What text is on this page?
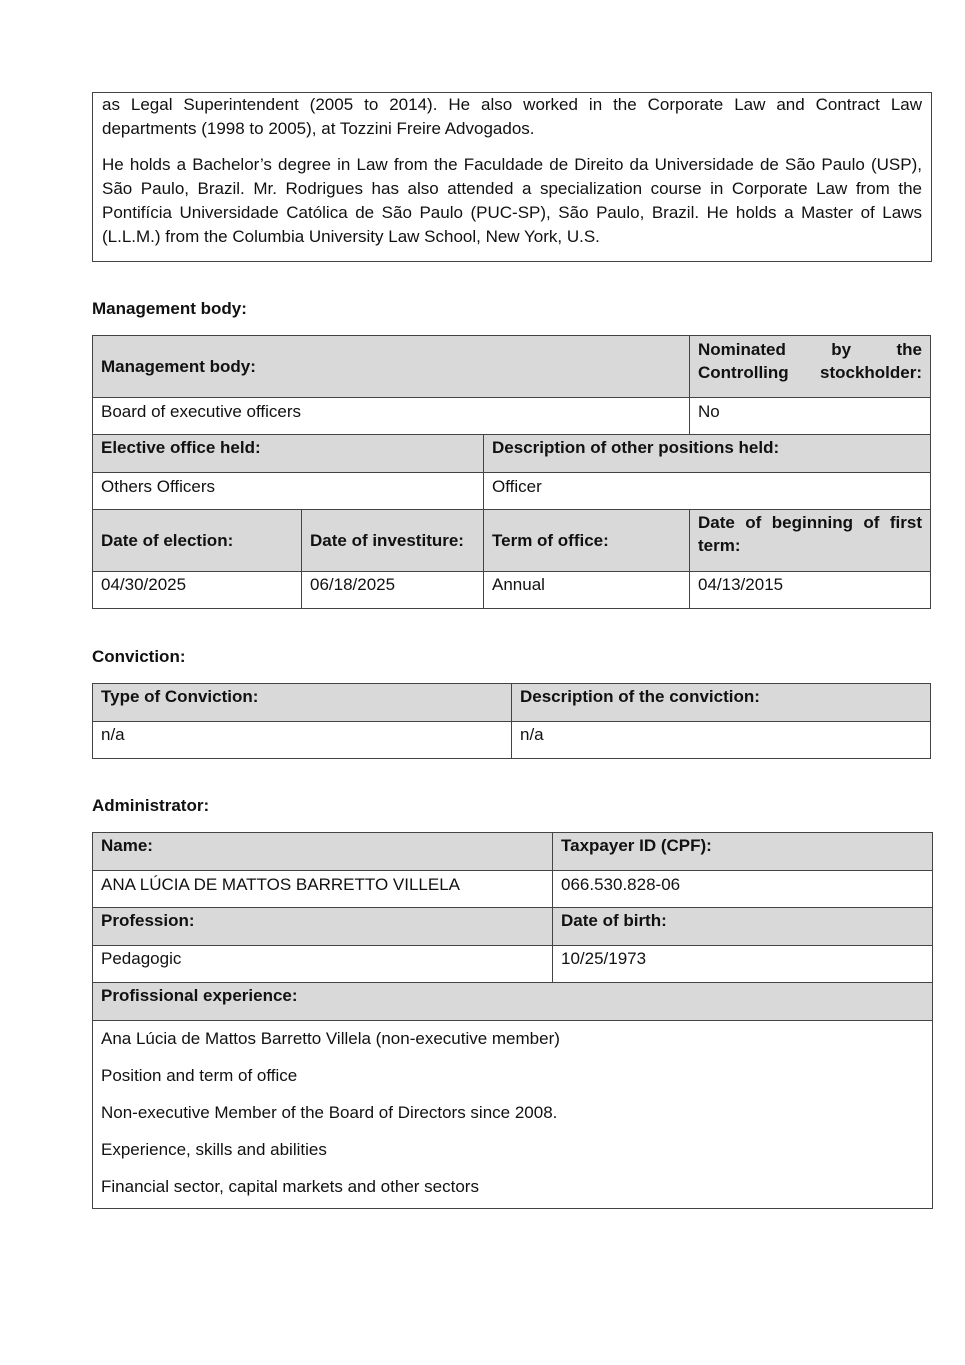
as Legal Superintendent (2005 to 2014). He also worked in the Corporate Law and Contract Law departments (1998 to 2005), at Tozzini Freire Advogados.

He holds a Bachelor’s degree in Law from the Faculdade de Direito da Universidade de São Paulo (USP), São Paulo, Brazil. Mr. Rodrigues has also attended a specialization course in Corporate Law from the Pontifícia Universidade Católica de São Paulo (PUC-SP), São Paulo, Brazil. He holds a Master of Laws (L.L.M.) from the Columbia University Law School, New York, U.S.

Management body:
Management body:			Nominated by the Controlling stockholder:
Board of executive officers			No
Elective office held:		Description of other positions held:	
Others Officers		Officer	
Date of election:	Date of investiture:	Term of office:	Date of beginning of first term:
04/30/2025	06/18/2025	Annual	04/13/2015
Conviction:
Type of Conviction:	Description of the conviction:
n/a	n/a
Administrator:
Name:	Taxpayer ID (CPF):
ANA LÚCIA DE MATTOS BARRETTO VILLELA	066.530.828-06
Profession:	Date of birth:
Pedagogic	10/25/1973
Profissional experience:	

Ana Lúcia de Mattos Barretto Villela (non-executive member)

Position and term of office

Non-executive Member of the Board of Directors since 2008.

Experience, skills and abilities

Financial sector, capital markets and other sectors	
